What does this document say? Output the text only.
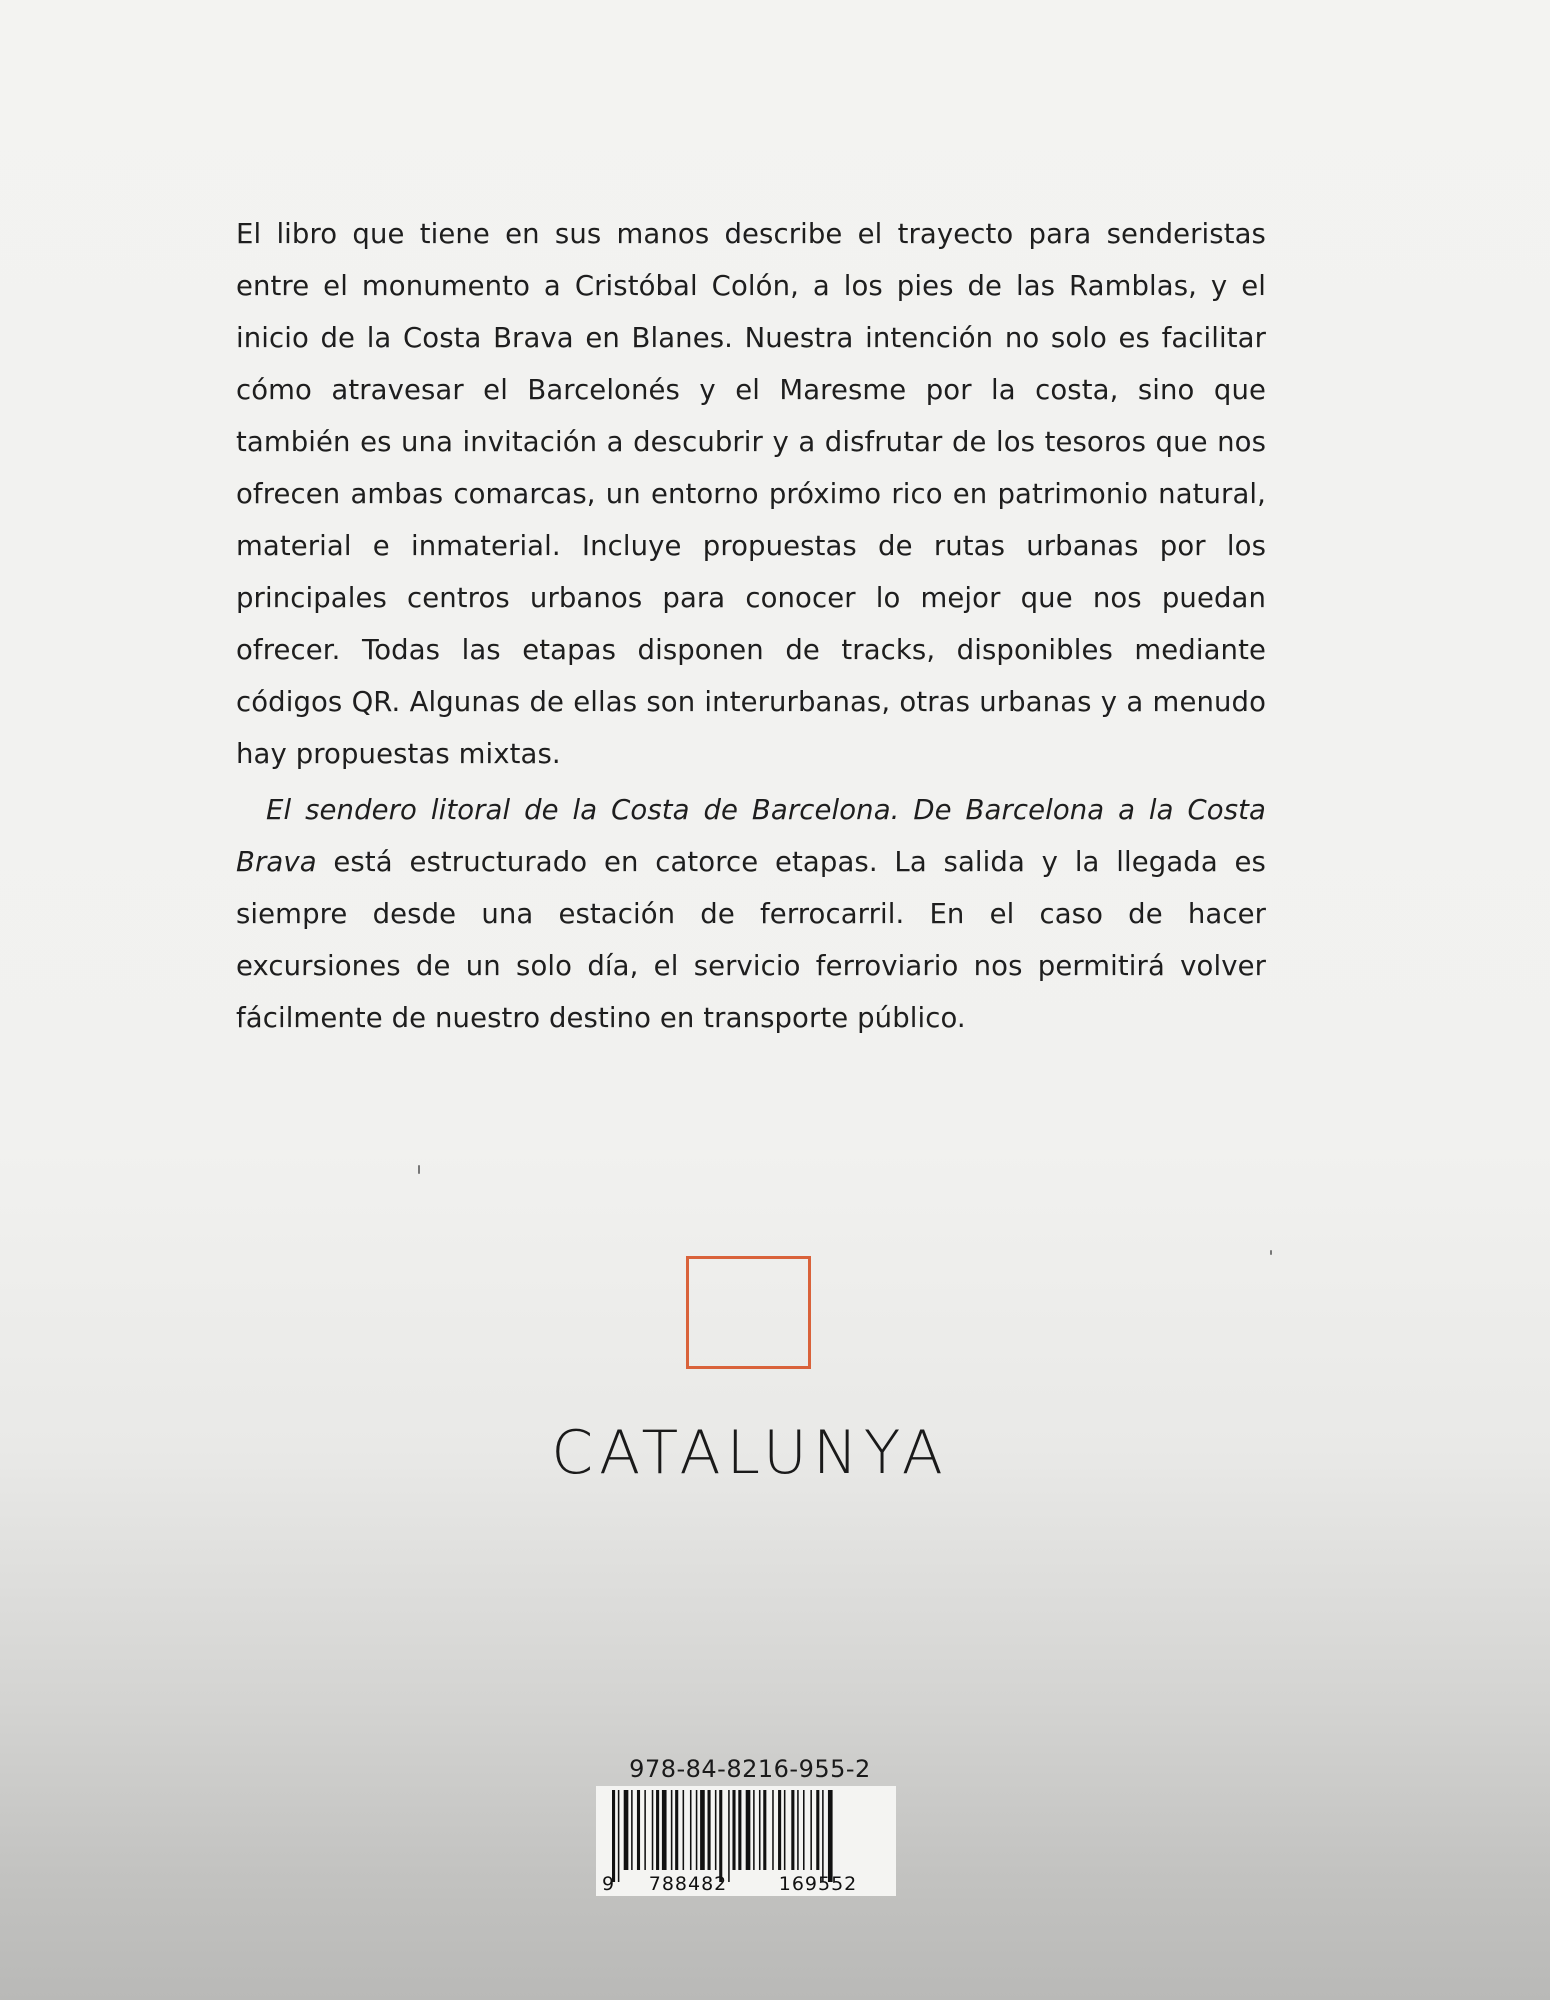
El libro que tiene en sus manos describe el trayecto para senderistas entre el monumento a Cristóbal Colón, a los pies de las Ramblas, y el inicio de la Costa Brava en Blanes. Nuestra intención no solo es facilitar cómo atravesar el Barcelonés y el Maresme por la costa, sino que también es una invitación a descubrir y a disfrutar de los tesoros que nos ofrecen ambas comarcas, un entorno próximo rico en patrimonio natural, material e inmaterial. Incluye propuestas de rutas urbanas por los principales centros urbanos para conocer lo mejor que nos puedan ofrecer. Todas las etapas disponen de tracks, disponibles mediante códigos QR. Algunas de ellas son interurbanas, otras urbanas y a menudo hay propuestas mixtas.

El sendero litoral de la Costa de Barcelona. De Barcelona a la Costa Brava está estructurado en catorce etapas. La salida y la llegada es siempre desde una estación de ferrocarril. En el caso de hacer excursiones de un solo día, el servicio ferroviario nos permitirá volver fácilmente de nuestro destino en transporte público.

CATALUNYA
978-84-8216-955-2
9 788482	169552
